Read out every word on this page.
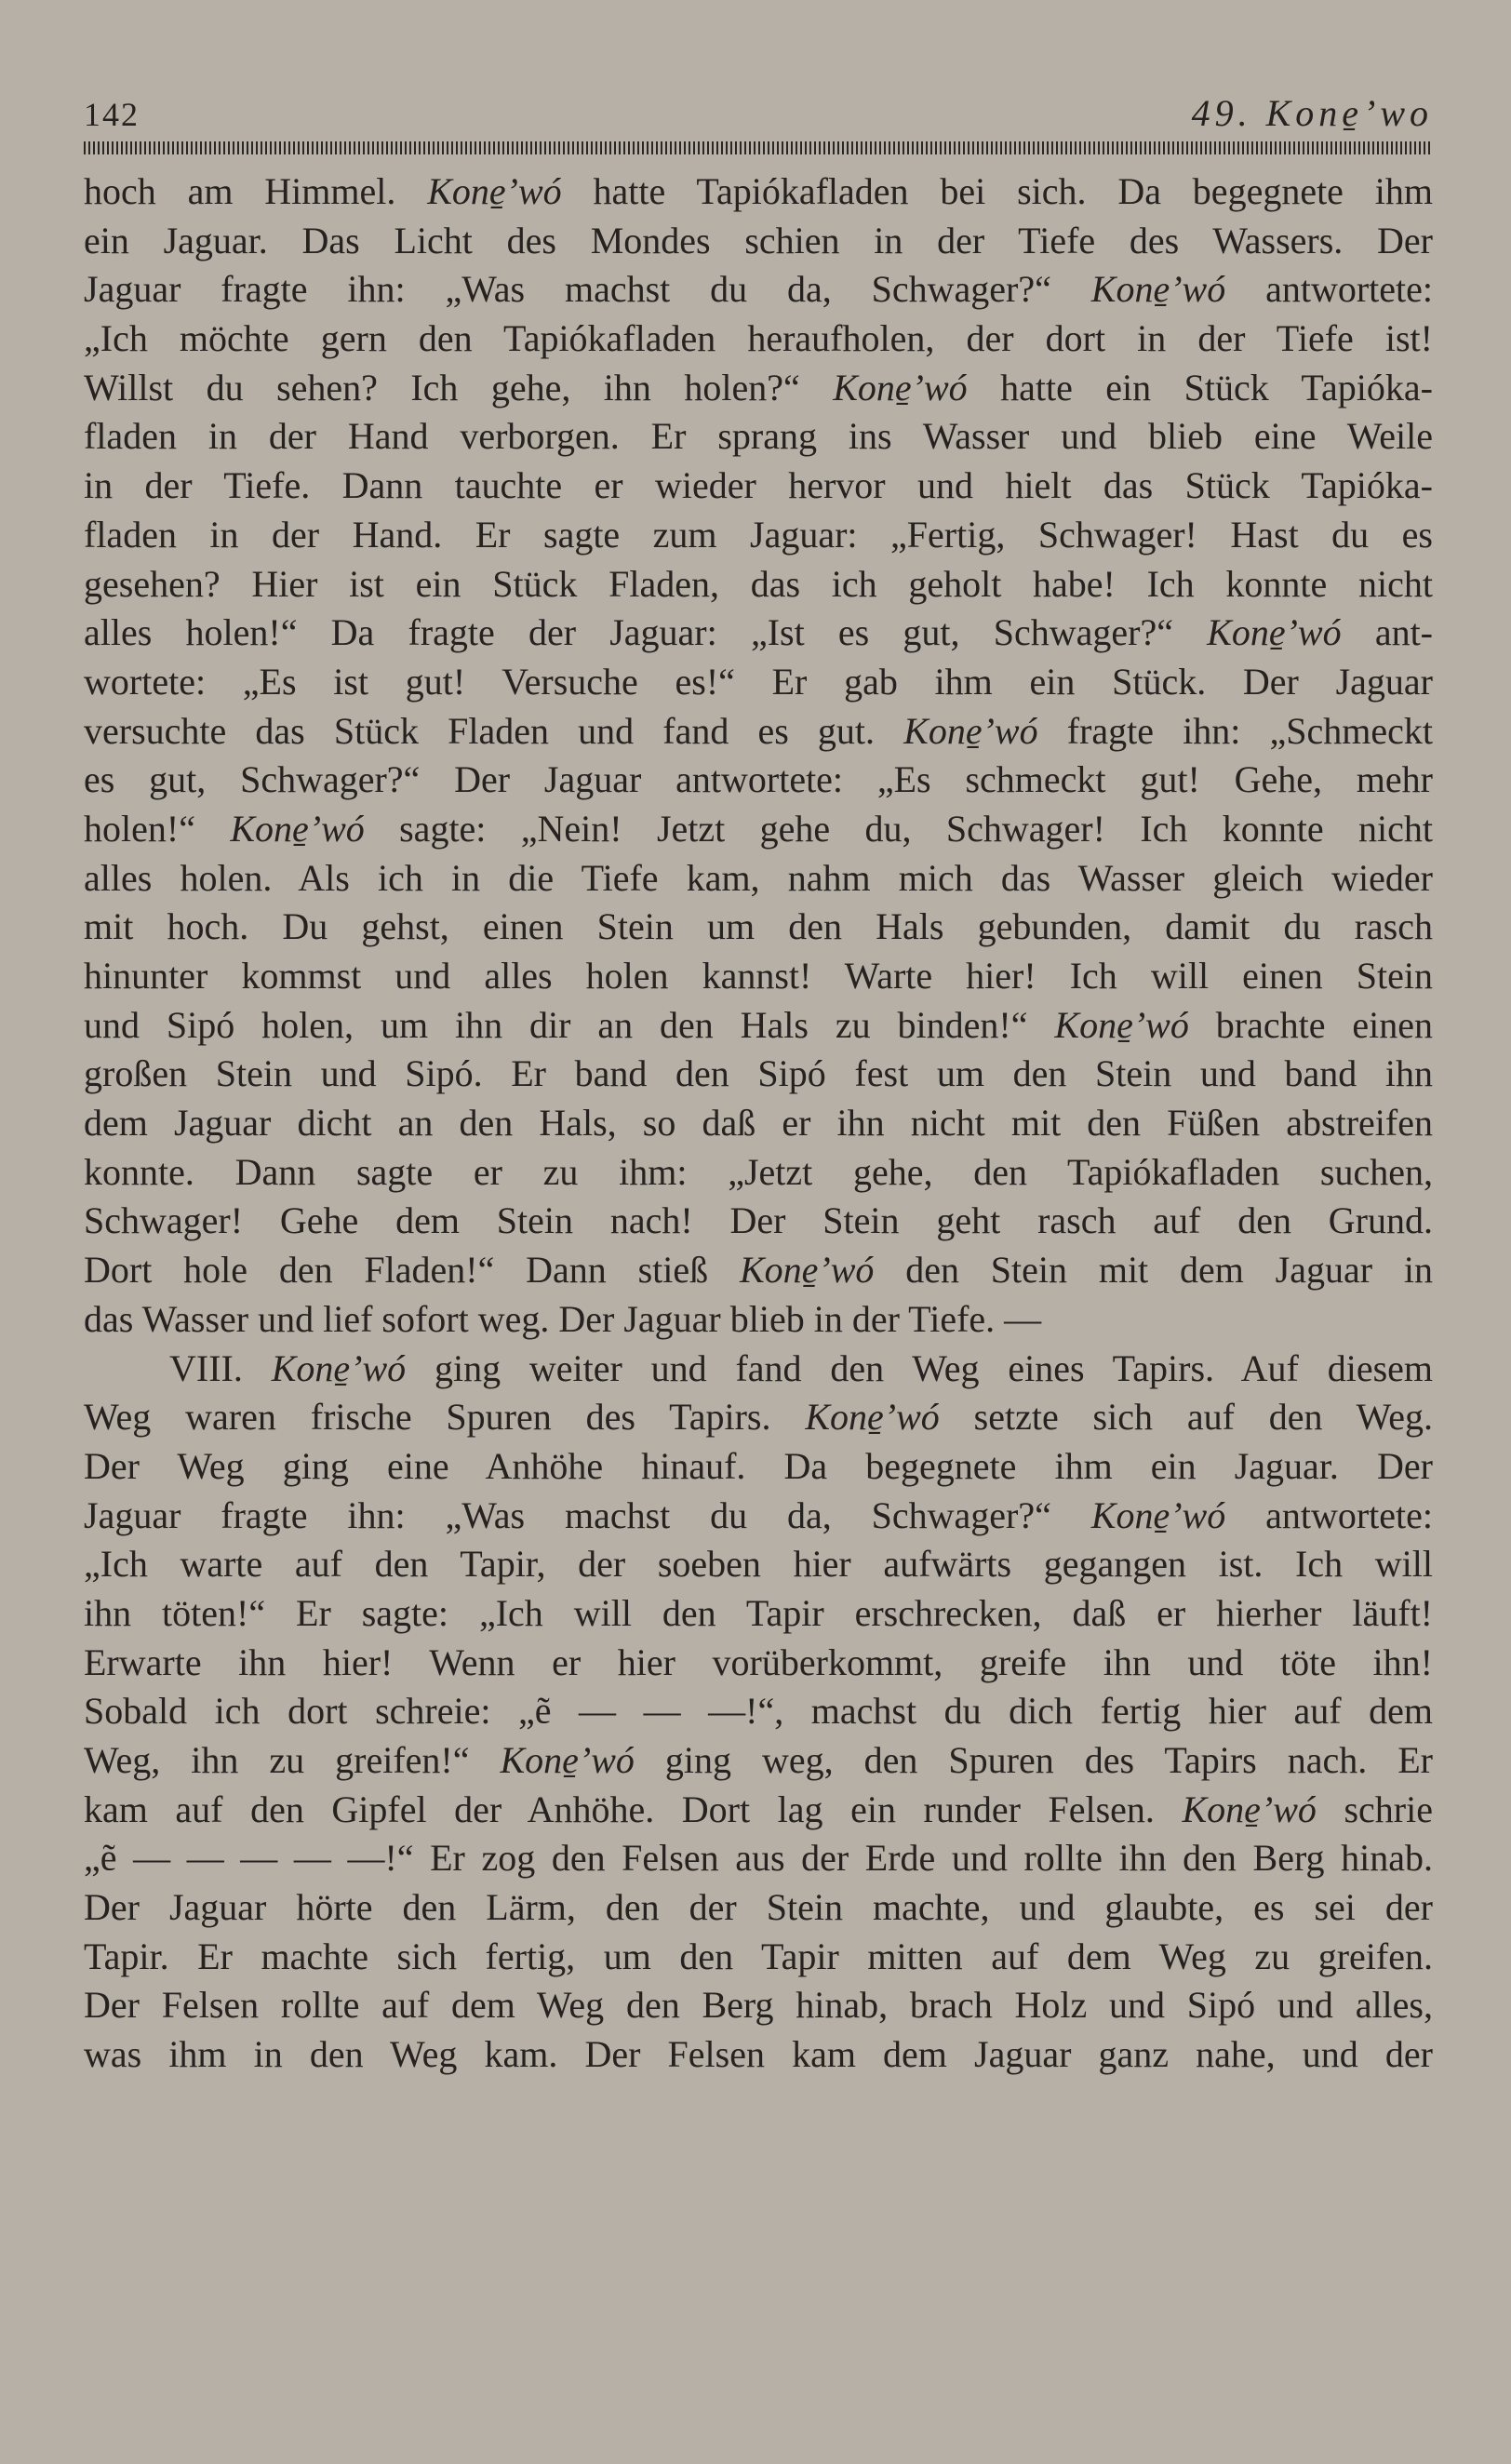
142	49. Kone̱’wo
hoch am Himmel. Kone̱’wó hatte Tapiókafladen bei sich. Da begegnete ihm
ein Jaguar. Das Licht des Mondes schien in der Tiefe des Wassers. Der
Jaguar fragte ihn: „Was machst du da, Schwager?“ Kone̱’wó antwortete:
„Ich möchte gern den Tapiókafladen heraufholen, der dort in der Tiefe ist!
Willst du sehen? Ich gehe, ihn holen?“ Kone̱’wó hatte ein Stück Tapióka-
fladen in der Hand verborgen. Er sprang ins Wasser und blieb eine Weile
in der Tiefe. Dann tauchte er wieder hervor und hielt das Stück Tapióka-
fladen in der Hand. Er sagte zum Jaguar: „Fertig, Schwager! Hast du es
gesehen? Hier ist ein Stück Fladen, das ich geholt habe! Ich konnte nicht
alles holen!“ Da fragte der Jaguar: „Ist es gut, Schwager?“ Kone̱’wó ant-
wortete: „Es ist gut! Versuche es!“ Er gab ihm ein Stück. Der Jaguar
versuchte das Stück Fladen und fand es gut. Kone̱’wó fragte ihn: „Schmeckt
es gut, Schwager?“ Der Jaguar antwortete: „Es schmeckt gut! Gehe, mehr
holen!“ Kone̱’wó sagte: „Nein! Jetzt gehe du, Schwager! Ich konnte nicht
alles holen. Als ich in die Tiefe kam, nahm mich das Wasser gleich wieder
mit hoch. Du gehst, einen Stein um den Hals gebunden, damit du rasch
hinunter kommst und alles holen kannst! Warte hier! Ich will einen Stein
und Sipó holen, um ihn dir an den Hals zu binden!“ Kone̱’wó brachte einen
großen Stein und Sipó. Er band den Sipó fest um den Stein und band ihn
dem Jaguar dicht an den Hals, so daß er ihn nicht mit den Füßen abstreifen
konnte. Dann sagte er zu ihm: „Jetzt gehe, den Tapiókafladen suchen,
Schwager! Gehe dem Stein nach! Der Stein geht rasch auf den Grund.
Dort hole den Fladen!“ Dann stieß Kone̱’wó den Stein mit dem Jaguar in
das Wasser und lief sofort weg. Der Jaguar blieb in der Tiefe. —
VIII. Kone̱’wó ging weiter und fand den Weg eines Tapirs. Auf diesem
Weg waren frische Spuren des Tapirs. Kone̱’wó setzte sich auf den Weg.
Der Weg ging eine Anhöhe hinauf. Da begegnete ihm ein Jaguar. Der
Jaguar fragte ihn: „Was machst du da, Schwager?“ Kone̱’wó antwortete:
„Ich warte auf den Tapir, der soeben hier aufwärts gegangen ist. Ich will
ihn töten!“ Er sagte: „Ich will den Tapir erschrecken, daß er hierher läuft!
Erwarte ihn hier! Wenn er hier vorüberkommt, greife ihn und töte ihn!
Sobald ich dort schreie: „ẽ — — —!“, machst du dich fertig hier auf dem
Weg, ihn zu greifen!“ Kone̱’wó ging weg, den Spuren des Tapirs nach. Er
kam auf den Gipfel der Anhöhe. Dort lag ein runder Felsen. Kone̱’wó schrie
„ẽ — — — — —!“ Er zog den Felsen aus der Erde und rollte ihn den Berg hinab.
Der Jaguar hörte den Lärm, den der Stein machte, und glaubte, es sei der
Tapir. Er machte sich fertig, um den Tapir mitten auf dem Weg zu greifen.
Der Felsen rollte auf dem Weg den Berg hinab, brach Holz und Sipó und alles,
was ihm in den Weg kam. Der Felsen kam dem Jaguar ganz nahe, und der
